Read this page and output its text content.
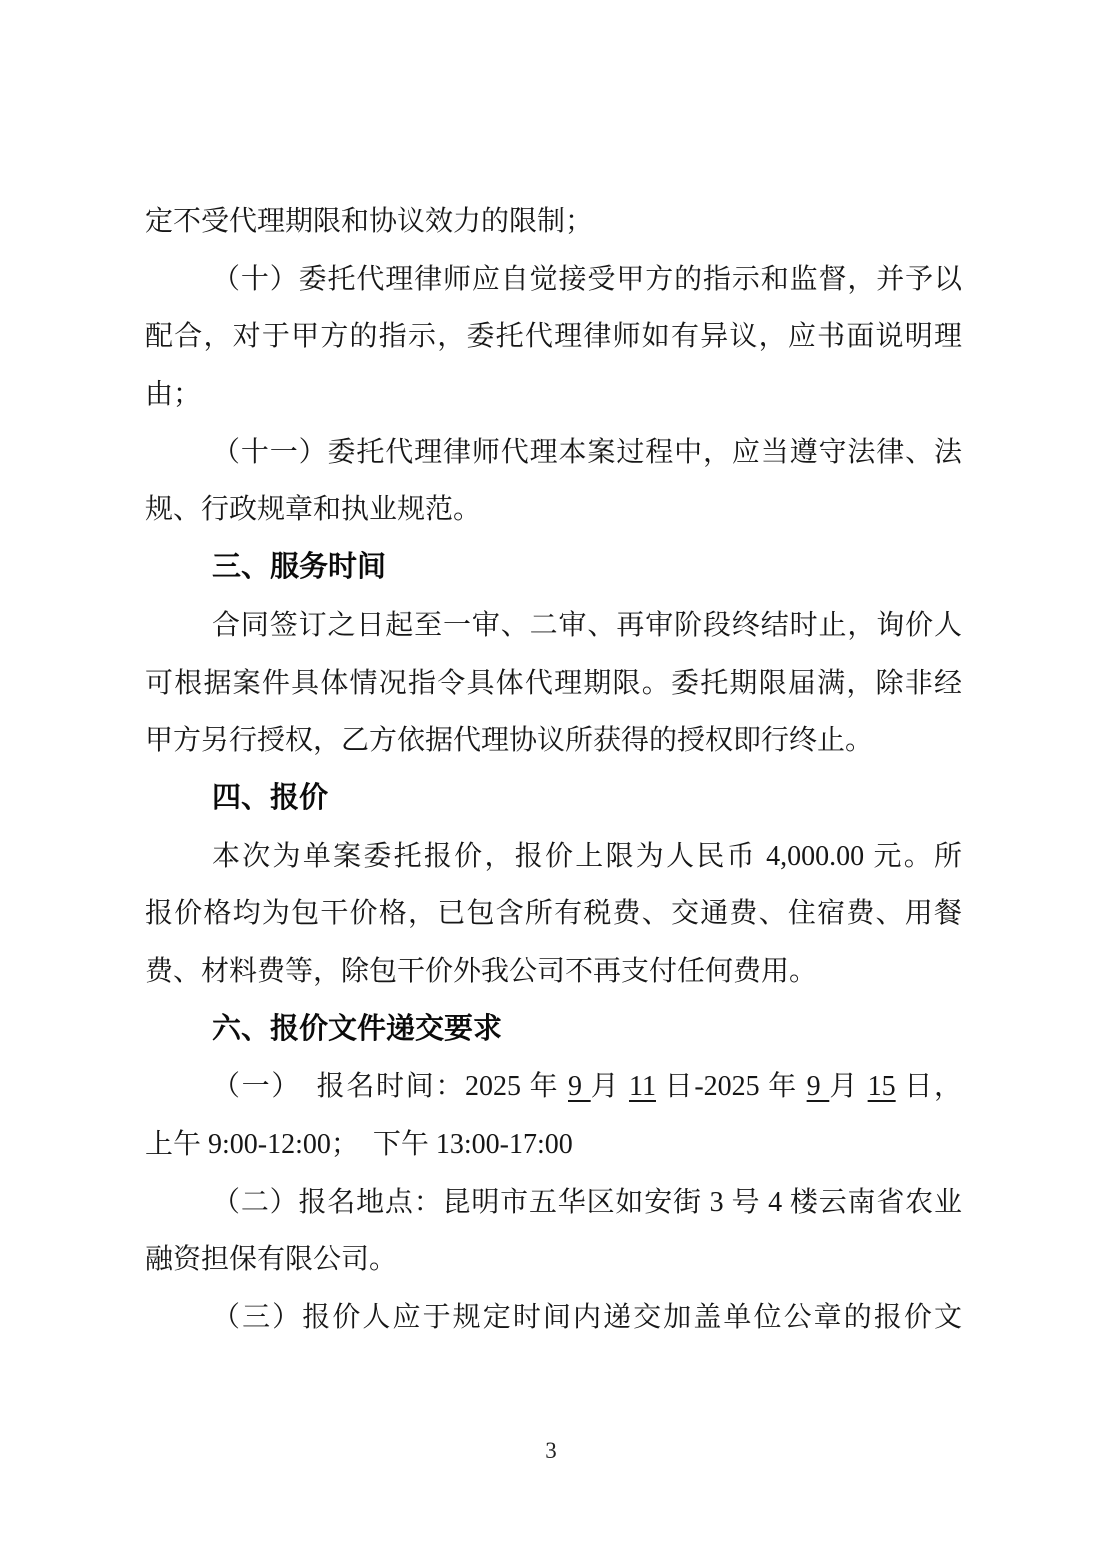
定不受代理期限和协议效力的限制；
（十）委托代理律师应自觉接受甲方的指示和监督，并予以
配合，对于甲方的指示，委托代理律师如有异议，应书面说明理
由；
（十一）委托代理律师代理本案过程中，应当遵守法律、法
规、行政规章和执业规范。
三、服务时间
合同签订之日起至一审、二审、再审阶段终结时止，询价人
可根据案件具体情况指令具体代理期限。委托期限届满，除非经
甲方另行授权，乙方依据代理协议所获得的授权即行终止。
四、报价
本次为单案委托报价，报价上限为人民币 4,000.00 元。所
报价格均为包干价格，已包含所有税费、交通费、住宿费、用餐
费、材料费等，除包干价外我公司不再支付任何费用。
六、报价文件递交要求
（一）　报名时间：2025 年 9 月 11 日-2025 年 9 月 15 日，
上午 9:00-12:00；　下午 13:00-17:00
（二）报名地点：昆明市五华区如安街 3 号 4 楼云南省农业
融资担保有限公司。
（三）报价人应于规定时间内递交加盖单位公章的报价文
3
